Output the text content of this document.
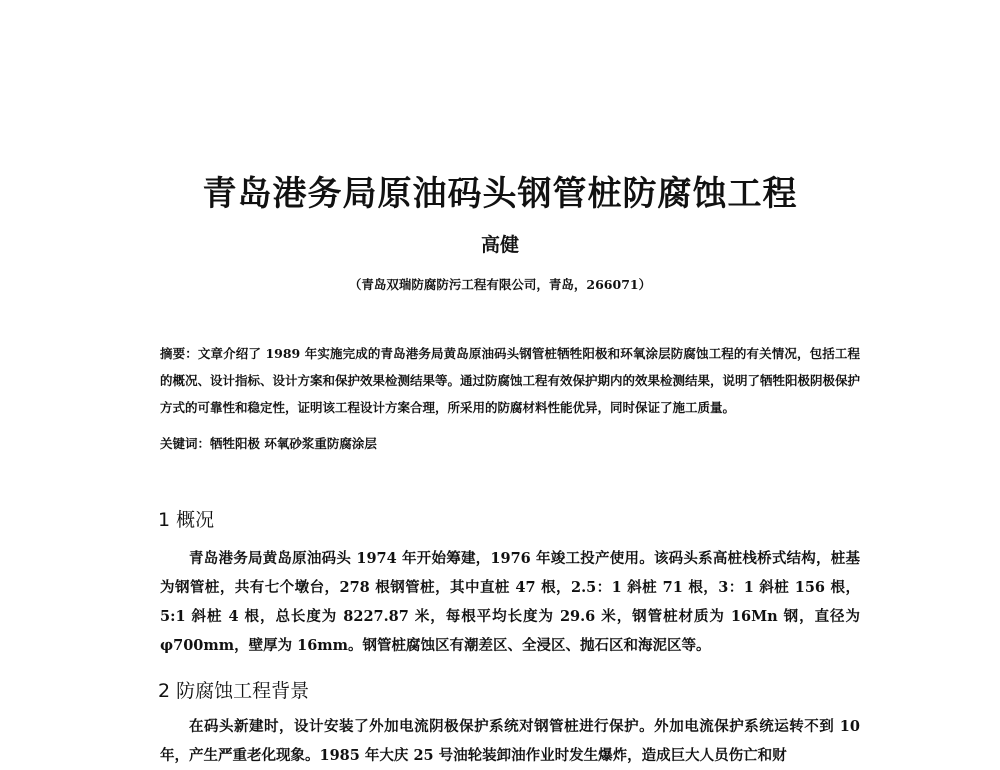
青岛港务局原油码头钢管桩防腐蚀工程
高健
（青岛双瑞防腐防污工程有限公司，青岛，266071）
摘要：文章介绍了 1989 年实施完成的青岛港务局黄岛原油码头钢管桩牺牲阳极和环氧涂层防腐蚀工程的有关情况，包括工程的概况、设计指标、设计方案和保护效果检测结果等。通过防腐蚀工程有效保护期内的效果检测结果，说明了牺牲阳极阴极保护方式的可靠性和稳定性，证明该工程设计方案合理，所采用的防腐材料性能优异，同时保证了施工质量。
关键词：牺牲阳极 环氧砂浆重防腐涂层
1 概况
青岛港务局黄岛原油码头 1974 年开始筹建，1976 年竣工投产使用。该码头系高桩栈桥式结构，桩基为钢管桩，共有七个墩台，278 根钢管桩，其中直桩 47 根，2.5：1 斜桩 71 根，3：1 斜桩 156 根，5:1 斜桩 4 根，总长度为 8227.87 米，每根平均长度为 29.6 米，钢管桩材质为 16Mn 钢，直径为 φ700mm，壁厚为 16mm。钢管桩腐蚀区有潮差区、全浸区、抛石区和海泥区等。
2 防腐蚀工程背景
在码头新建时，设计安装了外加电流阴极保护系统对钢管桩进行保护。外加电流保护系统运转不到 10 年，产生严重老化现象。1985 年大庆 25 号油轮装卸油作业时发生爆炸，造成巨大人员伤亡和财
